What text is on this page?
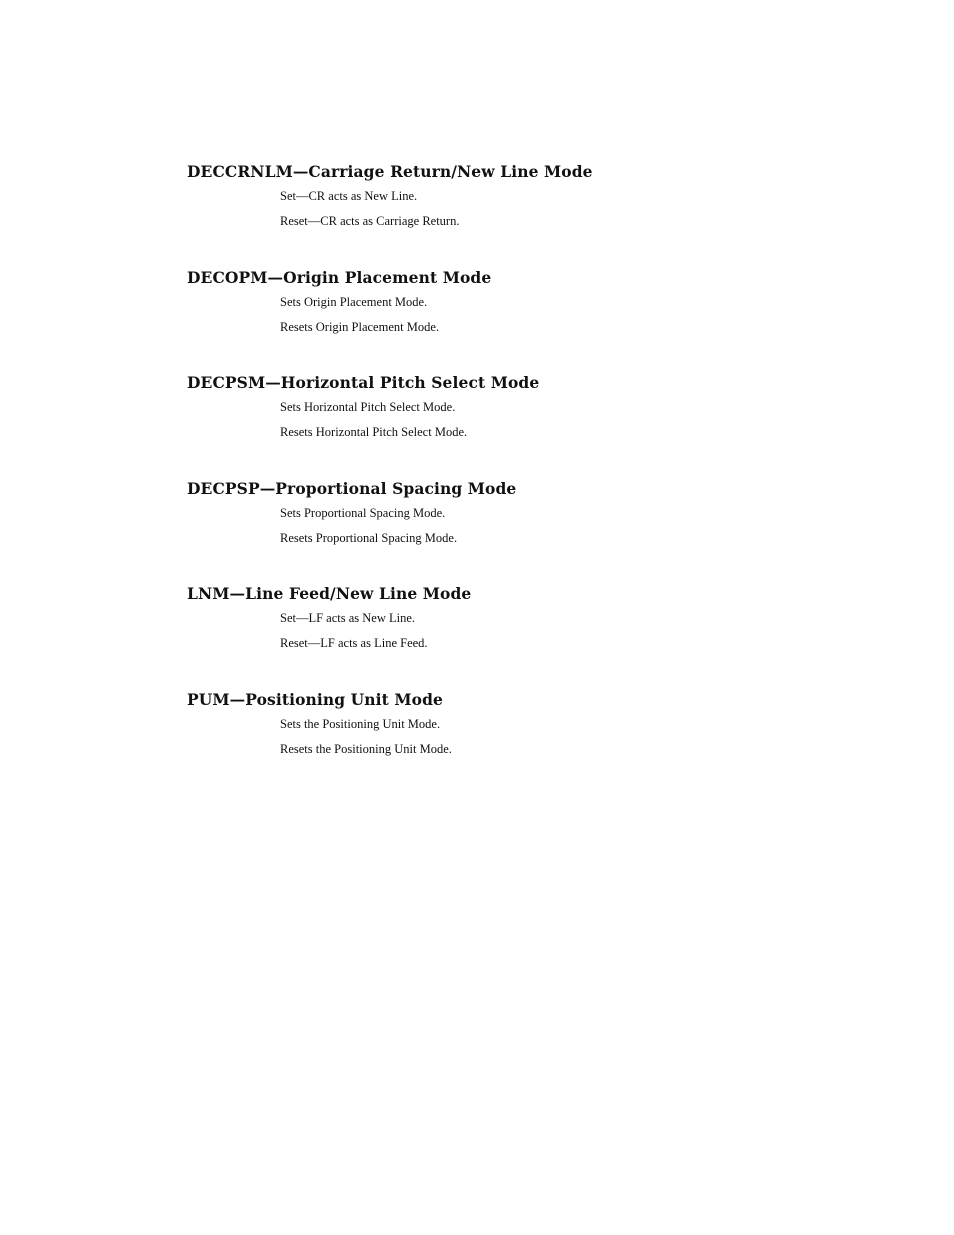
DECCRNLM—Carriage Return/New Line Mode
Set—CR acts as New Line.
Reset—CR acts as Carriage Return.
DECOPM—Origin Placement Mode
Sets Origin Placement Mode.
Resets Origin Placement Mode.
DECPSM—Horizontal Pitch Select Mode
Sets Horizontal Pitch Select Mode.
Resets Horizontal Pitch Select Mode.
DECPSP—Proportional Spacing Mode
Sets Proportional Spacing Mode.
Resets Proportional Spacing Mode.
LNM—Line Feed/New Line Mode
Set—LF acts as New Line.
Reset—LF acts as Line Feed.
PUM—Positioning Unit Mode
Sets the Positioning Unit Mode.
Resets the Positioning Unit Mode.
